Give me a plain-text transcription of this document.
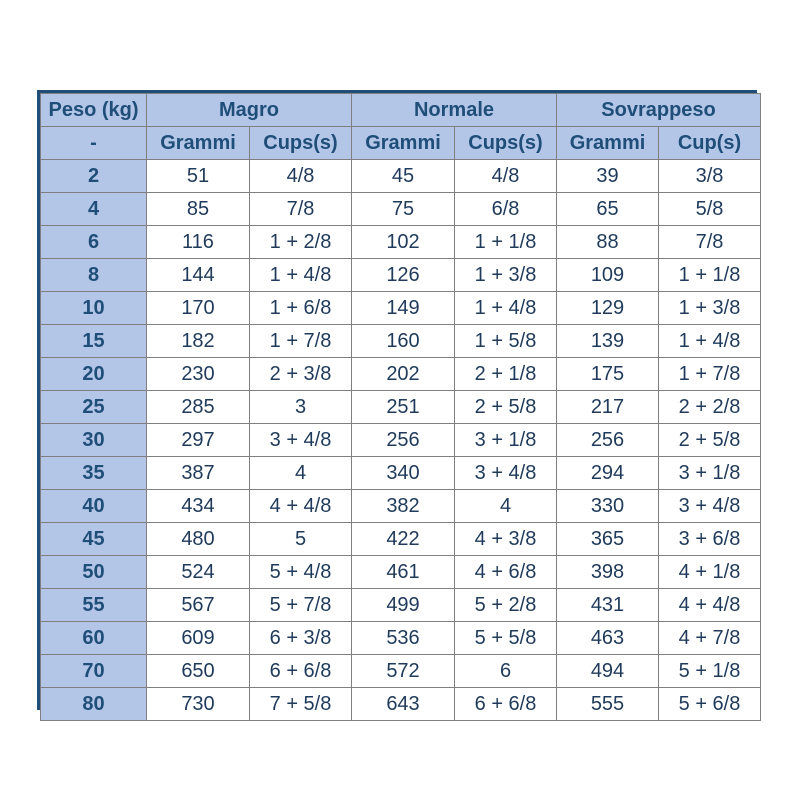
Peso (kg)	Magro		Normale		Sovrappeso	
-	Grammi	Cups(s)	Grammi	Cups(s)	Grammi	Cup(s)
2	51	4/8	45	4/8	39	3/8
4	85	7/8	75	6/8	65	5/8
6	116	1 + 2/8	102	1 + 1/8	88	7/8
8	144	1 + 4/8	126	1 + 3/8	109	1 + 1/8
10	170	1 + 6/8	149	1 + 4/8	129	1 + 3/8
15	182	1 + 7/8	160	1 + 5/8	139	1 + 4/8
20	230	2 + 3/8	202	2 + 1/8	175	1 + 7/8
25	285	3	251	2 + 5/8	217	2 + 2/8
30	297	3 + 4/8	256	3 + 1/8	256	2 + 5/8
35	387	4	340	3 + 4/8	294	3 + 1/8
40	434	4 + 4/8	382	4	330	3 + 4/8
45	480	5	422	4 + 3/8	365	3 + 6/8
50	524	5 + 4/8	461	4 + 6/8	398	4 + 1/8
55	567	5 + 7/8	499	5 + 2/8	431	4 + 4/8
60	609	6 + 3/8	536	5 + 5/8	463	4 + 7/8
70	650	6 + 6/8	572	6	494	5 + 1/8
80	730	7 + 5/8	643	6 + 6/8	555	5 + 6/8
